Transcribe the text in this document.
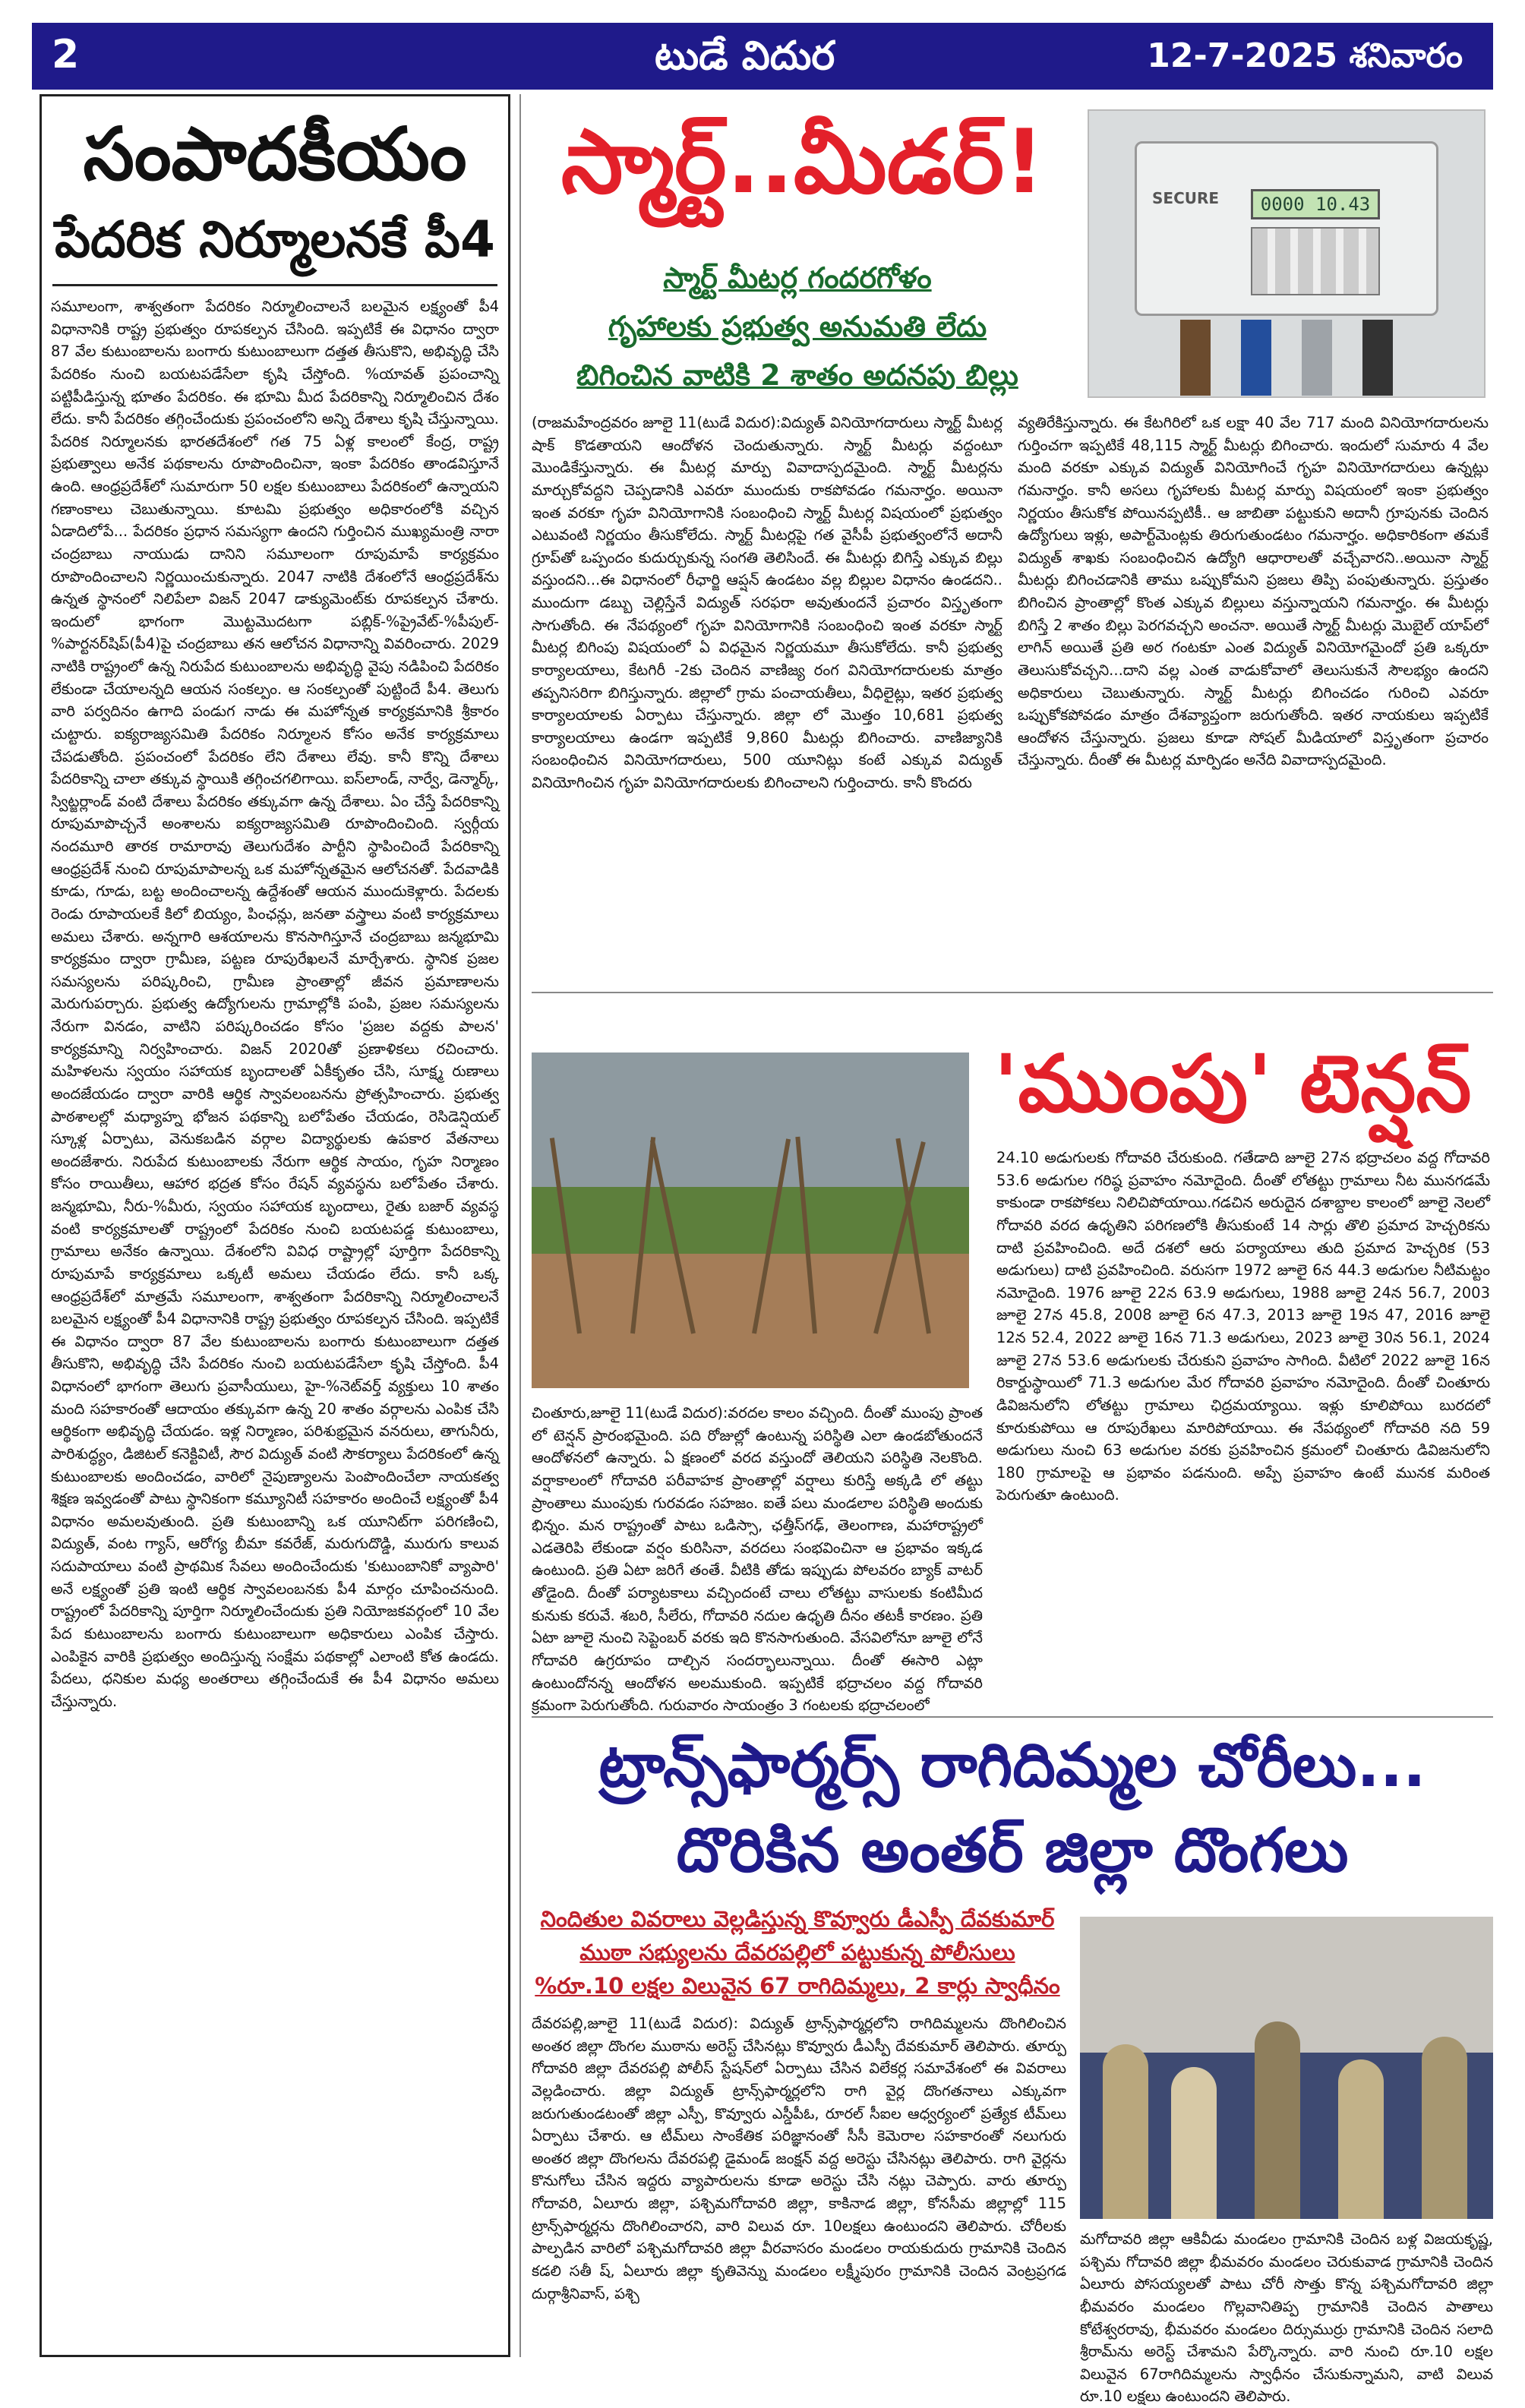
2	టుడే విదుర	12-7-2025 శనివారం
సంపాదకీయం
పేదరిక నిర్మూలనకే పీ4
సమూలంగా, శాశ్వతంగా పేదరికం నిర్మూలించాలనే బలమైన లక్ష్యంతో పీ4 విధానానికి రాష్ట్ర ప్రభుత్వం రూపకల్పన చేసింది. ఇప్పటికే ఈ విధానం ద్వారా 87 వేల కుటుంబాలను బంగారు కుటుంబాలుగా దత్తత తీసుకొని, అభివృద్ధి చేసి పేదరికం నుంచి బయటపడేసేలా కృషి చేస్తోంది. %యావత్ ప్రపంచాన్ని పట్టిపీడిస్తున్న భూతం పేదరికం. ఈ భూమి మీద పేదరికాన్ని నిర్మూలించిన దేశం లేదు. కానీ పేదరికం తగ్గించేందుకు ప్రపంచంలోని అన్ని దేశాలు కృషి చేస్తున్నాయి. పేదరిక నిర్మూలనకు భారతదేశంలో గత 75 ఏళ్ల కాలంలో కేంద్ర, రాష్ట్ర ప్రభుత్వాలు అనేక పథకాలను రూపొందించినా, ఇంకా పేదరికం తాండవిస్తూనే ఉంది. ఆంధ్రప్రదేశ్‌లో సుమారుగా 50 లక్షల కుటుంబాలు పేదరికంలో ఉన్నాయని గణాంకాలు చెబుతున్నాయి. కూటమి ప్రభుత్వం అధికారంలోకి వచ్చిన ఏడాదిలోపే... పేదరికం ప్రధాన సమస్యగా ఉందని గుర్తించిన ముఖ్యమంత్రి నారా చంద్రబాబు నాయుడు దానిని సమూలంగా రూపుమాపే కార్యక్రమం రూపొందించాలని నిర్ణయించుకున్నారు. 2047 నాటికి దేశంలోనే ఆంధ్రప్రదేశ్‌ను ఉన్నత స్థానంలో నిలిపేలా విజన్ 2047 డాక్యుమెంట్‌కు రూపకల్పన చేశారు. ఇందులో భాగంగా మొట్టమొదటగా పబ్లిక్-%ప్రైవేట్-%పీపుల్-%పార్టనర్‌షిప్(పీ4)పై చంద్రబాబు తన ఆలోచన విధానాన్ని వివరించారు. 2029 నాటికి రాష్ట్రంలో ఉన్న నిరుపేద కుటుంబాలను అభివృద్ధి వైపు నడిపించి పేదరికం లేకుండా చేయాలన్నది ఆయన సంకల్పం. ఆ సంకల్పంతో పుట్టిందే పీ4. తెలుగు వారి పర్వదినం ఉగాది పండుగ నాడు ఈ మహోన్నత కార్యక్రమానికి శ్రీకారం చుట్టారు. ఐక్యరాజ్యసమితి పేదరికం నిర్మూలన కోసం అనేక కార్యక్రమాలు చేపడుతోంది. ప్రపంచంలో పేదరికం లేని దేశాలు లేవు. కానీ కొన్ని దేశాలు పేదరికాన్ని చాలా తక్కువ స్థాయికి తగ్గించగలిగాయి. ఐస్‌లాండ్, నార్వే, డెన్మార్క్, స్విట్జర్లాండ్ వంటి దేశాలు పేదరికం తక్కువగా ఉన్న దేశాలు. ఏం చేస్తే పేదరికాన్ని రూపుమాపొచ్చనే అంశాలను ఐక్యరాజ్యసమితి రూపొందించింది. స్వర్గీయ నందమూరి తారక రామారావు తెలుగుదేశం పార్టీని స్థాపించిందే పేదరికాన్ని ఆంధ్రప్రదేశ్ నుంచి రూపుమాపాలన్న ఒక మహోన్నతమైన ఆలోచనతో. పేదవాడికి కూడు, గూడు, బట్ట అందించాలన్న ఉద్దేశంతో ఆయన ముందుకెళ్లారు. పేదలకు రెండు రూపాయలకే కిలో బియ్యం, పింఛన్లు, జనతా వస్త్రాలు వంటి కార్యక్రమాలు అమలు చేశారు. అన్నగారి ఆశయాలను కొనసాగిస్తూనే చంద్రబాబు జన్మభూమి కార్యక్రమం ద్వారా గ్రామీణ, పట్టణ రూపురేఖలనే మార్చేశారు. స్థానిక ప్రజల సమస్యలను పరిష్కరించి, గ్రామీణ ప్రాంతాల్లో జీవన ప్రమాణాలను మెరుగుపర్చారు. ప్రభుత్వ ఉద్యోగులను గ్రామాల్లోకి పంపి, ప్రజల సమస్యలను నేరుగా వినడం, వాటిని పరిష్కరించడం కోసం 'ప్రజల వద్దకు పాలన' కార్యక్రమాన్ని నిర్వహించారు. విజన్ 2020తో ప్రణాళికలు రచించారు. మహిళలను స్వయం సహాయక బృందాలతో ఏకీకృతం చేసి, సూక్ష్మ రుణాలు అందజేయడం ద్వారా వారికి ఆర్థిక స్వావలంబనను ప్రోత్సహించారు. ప్రభుత్వ పాఠశాలల్లో మధ్యాహ్న భోజన పథకాన్ని బలోపేతం చేయడం, రెసిడెన్షియల్ స్కూళ్ల ఏర్పాటు, వెనుకబడిన వర్గాల విద్యార్థులకు ఉపకార వేతనాలు అందజేశారు. నిరుపేద కుటుంబాలకు నేరుగా ఆర్థిక సాయం, గృహ నిర్మాణం కోసం రాయితీలు, ఆహార భద్రత కోసం రేషన్ వ్యవస్థను బలోపేతం చేశారు. జన్మభూమి, నీరు-%మీరు, స్వయం సహాయక బృందాలు, రైతు బజార్ వ్యవస్థ వంటి కార్యక్రమాలతో రాష్ట్రంలో పేదరికం నుంచి బయటపడ్డ కుటుంబాలు, గ్రామాలు అనేకం ఉన్నాయి. దేశంలోని వివిధ రాష్ట్రాల్లో పూర్తిగా పేదరికాన్ని రూపుమాపే కార్యక్రమాలు ఒక్కటీ అమలు చేయడం లేదు. కానీ ఒక్క ఆంధ్రప్రదేశ్‌లో మాత్రమే సమూలంగా, శాశ్వతంగా పేదరికాన్ని నిర్మూలించాలనే బలమైన లక్ష్యంతో పీ4 విధానానికి రాష్ట్ర ప్రభుత్వం రూపకల్పన చేసింది. ఇప్పటికే ఈ విధానం ద్వారా 87 వేల కుటుంబాలను బంగారు కుటుంబాలుగా దత్తత తీసుకొని, అభివృద్ధి చేసి పేదరికం నుంచి బయటపడేసేలా కృషి చేస్తోంది. పీ4 విధానంలో భాగంగా తెలుగు ప్రవాసీయులు, హై-%నెట్‌వర్త్ వ్యక్తులు 10 శాతం మంది సహకారంతో ఆదాయం తక్కువగా ఉన్న 20 శాతం వర్గాలను ఎంపిక చేసి ఆర్థికంగా అభివృద్ధి చేయడం. ఇళ్ల నిర్మాణం, పరిశుభ్రమైన వనరులు, తాగునీరు, పారిశుద్ధ్యం, డిజిటల్ కనెక్టివిటీ, సౌర విద్యుత్ వంటి సౌకర్యాలు పేదరికంలో ఉన్న కుటుంబాలకు అందించడం, వారిలో నైపుణ్యాలను పెంపొందించేలా నాయకత్వ శిక్షణ ఇవ్వడంతో పాటు స్థానికంగా కమ్యూనిటీ సహకారం అందించే లక్ష్యంతో పీ4 విధానం అమలవుతుంది. ప్రతి కుటుంబాన్ని ఒక యూనిట్‌గా పరిగణించి, విద్యుత్, వంట గ్యాస్, ఆరోగ్య బీమా కవరేజ్, మరుగుదొడ్డి, మురుగు కాలువ సదుపాయాలు వంటి ప్రాథమిక సేవలు అందించేందుకు 'కుటుంబానికో వ్యాపారి' అనే లక్ష్యంతో ప్రతి ఇంటి ఆర్థిక స్వావలంబనకు పీ4 మార్గం చూపించనుంది. రాష్ట్రంలో పేదరికాన్ని పూర్తిగా నిర్మూలించేందుకు ప్రతి నియోజకవర్గంలో 10 వేల పేద కుటుంబాలను బంగారు కుటుంబాలుగా అధికారులు ఎంపిక చేస్తారు. ఎంపికైన వారికి ప్రభుత్వం అందిస్తున్న సంక్షేమ పథకాల్లో ఎలాంటి కోత ఉండదు. పేదలు, ధనికుల మధ్య అంతరాలు తగ్గించేందుకే ఈ పీ4 విధానం అమలు చేస్తున్నారు.
స్మార్ట్..మీడర్!
స్మార్ట్ మీటర్ల గందరగోళం
గృహాలకు ప్రభుత్వ అనుమతి లేదు
బిగించిన వాటికి 2 శాతం అదనపు బిల్లు
SECURE	0000 10.43
(రాజమహేంద్రవరం జూలై 11(టుడే విదుర):విద్యుత్ వినియోగదారులు స్మార్ట్ మీటర్ల షాక్ కొడతాయని ఆందోళన చెందుతున్నారు. స్మార్ట్ మీటర్లు వద్దంటూ మొండికేస్తున్నారు. ఈ మీటర్ల మార్పు వివాదాస్పదమైంది. స్మార్ట్ మీటర్లను మార్చుకోవద్దని చెప్పడానికి ఎవరూ ముందుకు రాకపోవడం గమనార్హం. అయినా ఇంత వరకూ గృహ వినియోగానికి సంబంధించి స్మార్ట్ మీటర్ల విషయంలో ప్రభుత్వం ఎటువంటి నిర్ణయం తీసుకోలేదు. స్మార్ట్ మీటర్లపై గత వైసీపీ ప్రభుత్వంలోనే అదానీ గ్రూప్‌తో ఒప్పందం కుదుర్చుకున్న సంగతి తెలిసిందే. ఈ మీటర్లు బిగిస్తే ఎక్కువ బిల్లు వస్తుందని...ఈ విధానంలో రీఛార్జి ఆప్షన్ ఉండటం వల్ల బిల్లుల విధానం ఉండదని.. ముందుగా డబ్బు చెల్లిస్తేనే విద్యుత్ సరఫరా అవుతుందనే ప్రచారం విస్తృతంగా సాగుతోంది. ఈ నేపథ్యంలో గృహ వినియోగానికి సంబంధించి ఇంత వరకూ స్మార్ట్ మీటర్ల బిగింపు విషయంలో ఏ విధమైన నిర్ణయమూ తీసుకోలేదు. కానీ ప్రభుత్వ కార్యాలయాలు, కేటగిరీ -2కు చెందిన వాణిజ్య రంగ వినియోగదారులకు మాత్రం తప్పనిసరిగా బిగిస్తున్నారు. జిల్లాలో గ్రామ పంచాయతీలు, వీధిలైట్లు, ఇతర ప్రభుత్వ కార్యాలయాలకు ఏర్పాటు చేస్తున్నారు. జిల్లా లో మొత్తం 10,681 ప్రభుత్వ కార్యాలయాలు ఉండగా ఇప్పటికే 9,860 మీటర్లు బిగించారు. వాణిజ్యానికి సంబంధించిన వినియోగదారులు, 500 యూనిట్లు కంటే ఎక్కువ విద్యుత్ వినియోగించిన గృహ వినియోగదారులకు బిగించాలని గుర్తించారు. కానీ కొందరు
వ్యతిరేకిస్తున్నారు. ఈ కేటగిరిలో ఒక లక్షా 40 వేల 717 మంది వినియోగదారులను గుర్తించగా ఇప్పటికే 48,115 స్మార్ట్ మీటర్లు బిగించారు. ఇందులో సుమారు 4 వేల మంది వరకూ ఎక్కువ విద్యుత్ వినియోగించే గృహ వినియోగదారులు ఉన్నట్లు గమనార్హం. కానీ అసలు గృహాలకు మీటర్ల మార్పు విషయంలో ఇంకా ప్రభుత్వం నిర్ణయం తీసుకోక పోయినప్పటికీ.. ఆ జాబితా పట్టుకుని అదానీ గ్రూపునకు చెందిన ఉద్యోగులు ఇళ్లు, అపార్ట్‌మెంట్లకు తిరుగుతుండటం గమనార్హం. అధికారికంగా తమకే విద్యుత్ శాఖకు సంబంధించిన ఉద్యోగి ఆధారాలతో వచ్చేవారని..అయినా స్మార్ట్ మీటర్లు బిగించడానికి తాము ఒప్పుకోమని ప్రజలు తిప్పి పంపుతున్నారు. ప్రస్తుతం బిగించిన ప్రాంతాల్లో కొంత ఎక్కువ బిల్లులు వస్తున్నాయని గమనార్హం. ఈ మీటర్లు బిగిస్తే 2 శాతం బిల్లు పెరగవచ్చని అంచనా. అయితే స్మార్ట్ మీటర్లు మొబైల్ యాప్‌లో లాగిన్ అయితే ప్రతి అర గంటకూ ఎంత విద్యుత్ వినియోగమైందో ప్రతి ఒక్కరూ తెలుసుకోవచ్చని...దాని వల్ల ఎంత వాడుకోవాలో తెలుసుకునే సౌలభ్యం ఉందని అధికారులు చెబుతున్నారు. స్మార్ట్ మీటర్లు బిగించడం గురించి ఎవరూ ఒప్పుకోకపోవడం మాత్రం దేశవ్యాప్తంగా జరుగుతోంది. ఇతర నాయకులు ఇప్పటికే ఆందోళన చేస్తున్నారు. ప్రజలు కూడా సోషల్ మీడియాలో విస్తృతంగా ప్రచారం చేస్తున్నారు. దీంతో ఈ మీటర్ల మార్పిడం అనేది వివాదాస్పదమైంది.
'ముంపు' టెన్షన్
చింతూరు,జూలై 11(టుడే విదుర):వరదల కాలం వచ్చింది. దీంతో ముంపు ప్రాంత లో టెన్షన్ ప్రారంభమైంది. పది రోజుల్లో ఉంటున్న పరిస్థితి ఎలా ఉండబోతుందనే ఆందోళనలో ఉన్నారు. ఏ క్షణంలో వరద వస్తుందో తెలియని పరిస్థితి నెలకొంది. వర్షాకాలంలో గోదావరి పరీవాహక ప్రాంతాల్లో వర్షాలు కురిస్తే అక్కడి లో తట్టు ప్రాంతాలు ముంపుకు గురవడం సహజం. ఐతే పలు మండలాల పరిస్థితి అందుకు భిన్నం. మన రాష్ట్రంతో పాటు ఒడిస్సా, ఛత్తీస్‌గఢ్, తెలంగాణ, మహారాష్ట్రలో ఎడతెరిపి లేకుండా వర్షం కురిసినా, వరదలు సంభవించినా ఆ ప్రభావం ఇక్కడ ఉంటుంది. ప్రతి ఏటా జరిగే తంతే. వీటికి తోడు ఇప్పుడు పోలవరం బ్యాక్ వాటర్ తోడైంది. దీంతో పర్యాటకాలు వచ్చిందంటే చాలు లోతట్టు వాసులకు కంటిమీద కునుకు కరువే. శబరి, సీలేరు, గోదావరి నదుల ఉధృతి దీనం తటకీ కారణం. ప్రతి ఏటా జూలై నుంచి సెప్టెంబర్ వరకు ఇది కొనసాగుతుంది. వేసవిలోనూ జూలై లోనే గోదావరి ఉగ్రరూపం దాల్చిన సందర్భాలున్నాయి. దీంతో ఈసారి ఎట్లా ఉంటుందోనన్న ఆందోళన అలముకుంది. ఇప్పటికే భద్రాచలం వద్ద గోదావరి క్రమంగా పెరుగుతోంది. గురువారం సాయంత్రం 3 గంటలకు భద్రాచలంలో
24.10 అడుగులకు గోదావరి చేరుకుంది. గతేడాది జూలై 27న భద్రాచలం వద్ద గోదావరి 53.6 అడుగుల గరిష్ఠ ప్రవాహం నమోదైంది. దీంతో లోతట్టు గ్రామాలు నీట మునగడమే కాకుండా రాకపోకలు నిలిచిపోయాయి.గడచిన అరుదైన దశాబ్దాల కాలంలో జూలై నెలలో గోదావరి వరద ఉధృతిని పరిగణలోకి తీసుకుంటే 14 సార్లు తొలి ప్రమాద హెచ్చరికను దాటి ప్రవహించింది. అదే దశలో ఆరు పర్యాయాలు తుది ప్రమాద హెచ్చరిక (53 అడుగులు) దాటి ప్రవహించింది. వరుసగా 1972 జూలై 6న 44.3 అడుగుల నీటిమట్టం నమోదైంది. 1976 జూలై 22న 63.9 అడుగులు, 1988 జూలై 24న 56.7, 2003 జూలై 27న 45.8, 2008 జూలై 6న 47.3, 2013 జూలై 19న 47, 2016 జూలై 12న 52.4, 2022 జూలై 16న 71.3 అడుగులు, 2023 జూలై 30న 56.1, 2024 జూలై 27న 53.6 అడుగులకు చేరుకుని ప్రవాహం సాగింది. వీటిలో 2022 జూలై 16న రికార్డుస్థాయిలో 71.3 అడుగుల మేర గోదావరి ప్రవాహం నమోదైంది. దీంతో చింతూరు డివిజనులోని లోతట్టు గ్రామాలు ఛిద్రమయ్యాయి. ఇళ్లు కూలిపోయి బురదలో కూరుకుపోయి ఆ రూపురేఖలు మారిపోయాయి. ఈ నేపథ్యంలో గోదావరి నది 59 అడుగులు నుంచి 63 అడుగుల వరకు ప్రవహించిన క్రమంలో చింతూరు డివిజనులోని 180 గ్రామాలపై ఆ ప్రభావం పడనుంది. అప్పే ప్రవాహం ఉంటే మునక మరింత పెరుగుతూ ఉంటుంది.
ట్రాన్స్‌ఫార్మర్స్ రాగిదిమ్మల చోరీలు...
దొరికిన అంతర్ జిల్లా దొంగలు
నిందితుల వివరాలు వెల్లడిస్తున్న కొవ్వూరు డీఎస్పీ దేవకుమార్
ముఠా సభ్యులను దేవరపల్లిలో పట్టుకున్న పోలీసులు
%రూ.10 లక్షల విలువైన 67 రాగిదిమ్మలు, 2 కార్లు స్వాధీనం
దేవరపల్లి,జూలై 11(టుడే విదుర): విద్యుత్ ట్రాన్స్‌ఫార్మర్లలోని రాగిదిమ్మలను దొంగిలించిన అంతర జిల్లా దొంగల ముఠాను అరెస్ట్ చేసినట్లు కొవ్వూరు డీఎస్పీ దేవకుమార్ తెలిపారు. తూర్పు గోదావరి జిల్లా దేవరపల్లి పోలీస్ స్టేషన్‌లో ఏర్పాటు చేసిన విలేకర్ల సమావేశంలో ఈ వివరాలు వెల్లడించారు. జిల్లా విద్యుత్ ట్రాన్స్‌ఫార్మర్లలోని రాగి వైర్ల దొంగతనాలు ఎక్కువగా జరుగుతుండటంతో జిల్లా ఎస్పీ, కొవ్వూరు ఎస్డీపీఓ, రూరల్ సీఐల ఆధ్వర్యంలో ప్రత్యేక టీమ్‌లు ఏర్పాటు చేశారు. ఆ టీమ్‌లు సాంకేతిక పరిజ్ఞానంతో సీసీ కెమెరాల సహకారంతో నలుగురు అంతర జిల్లా దొంగలను దేవరపల్లి డైమండ్ జంక్షన్ వద్ద అరెస్టు చేసినట్లు తెలిపారు. రాగి వైర్లను కొనుగోలు చేసిన ఇద్దరు వ్యాపారులను కూడా అరెస్టు చేసి నట్లు చెప్పారు. వారు తూర్పు గోదావరి, ఏలూరు జిల్లా, పశ్చిమగోదావరి జిల్లా, కాకినాడ జిల్లా, కోనసీమ జిల్లాల్లో 115 ట్రాన్స్‌ఫార్మర్లను దొంగిలించారని, వారి విలువ రూ. 10లక్షలు ఉంటుందని తెలిపారు. చోరీలకు పాల్పడిన వారిలో పశ్చిమగోదావరి జిల్లా వీరవాసరం మండలం రాయకుదురు గ్రామానికి చెందిన కడలి సతీ ష్, ఏలూరు జిల్లా కృతివెన్ను మండలం లక్ష్మీపురం గ్రామానికి చెందిన వెంట్రప్రగడ దుర్గాశ్రీనివాస్, పశ్చి
మగోదావరి జిల్లా ఆకివీడు మండలం గ్రామానికి చెందిన బళ్ల విజయకృష్ణ, పశ్చిమ గోదావరి జిల్లా భీమవరం మండలం చెరుకువాడ గ్రామానికి చెందిన ఏలూరు పోసయ్యలతో పాటు చోరీ సొత్తు కొన్న పశ్చిమగోదావరి జిల్లా భీమవరం మండలం గొల్లవానితిప్ప గ్రామానికి చెందిన పాతాలు కోటేశ్వరరావు, భీమవరం మండలం దిర్సుముర్రు గ్రామానికి చెందిన సలాది శ్రీరామ్‌ను అరెస్ట్ చేశామని పేర్కొన్నారు. వారి నుంచి రూ.10 లక్షల విలువైన 67రాగిదిమ్మలను స్వాధీనం చేసుకున్నామని, వాటి విలువ రూ.10 లక్షలు ఉంటుందని తెలిపారు.
